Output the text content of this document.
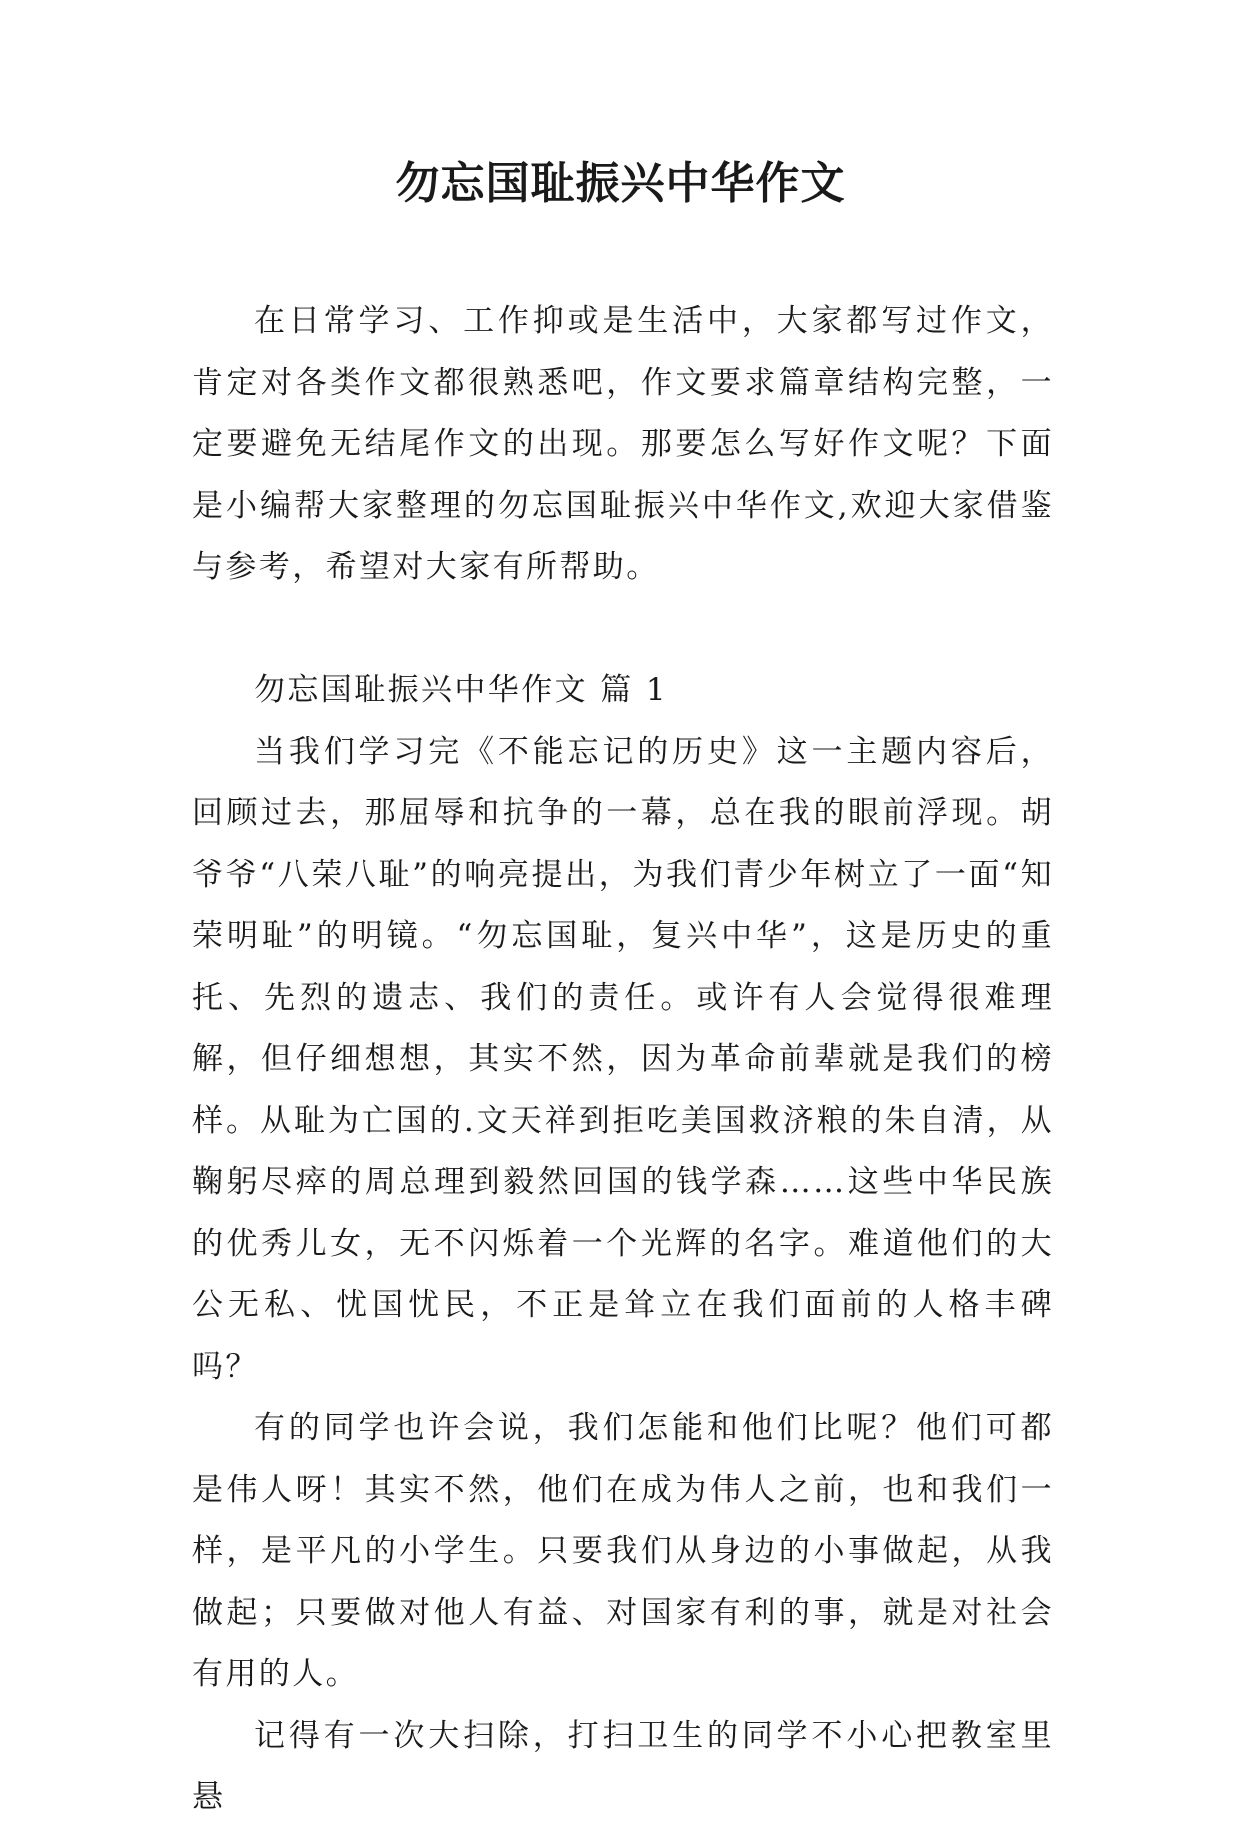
勿忘国耻振兴中华作文

在日常学习、工作抑或是生活中，大家都写过作文，肯定对各类作文都很熟悉吧，作文要求篇章结构完整，一定要避免无结尾作文的出现。那要怎么写好作文呢？下面是小编帮大家整理的勿忘国耻振兴中华作文,欢迎大家借鉴与参考，希望对大家有所帮助。

勿忘国耻振兴中华作文 篇 1

当我们学习完《不能忘记的历史》这一主题内容后，回顾过去，那屈辱和抗争的一幕，总在我的眼前浮现。胡爷爷“八荣八耻”的响亮提出，为我们青少年树立了一面“知荣明耻”的明镜。“勿忘国耻，复兴中华”，这是历史的重托、先烈的遗志、我们的责任。或许有人会觉得很难理解，但仔细想想，其实不然，因为革命前辈就是我们的榜样。从耻为亡国的.文天祥到拒吃美国救济粮的朱自清，从鞠躬尽瘁的周总理到毅然回国的钱学森……这些中华民族的优秀儿女，无不闪烁着一个光辉的名字。难道他们的大公无私、忧国忧民，不正是耸立在我们面前的人格丰碑吗？

有的同学也许会说，我们怎能和他们比呢？他们可都是伟人呀！其实不然，他们在成为伟人之前，也和我们一样，是平凡的小学生。只要我们从身边的小事做起，从我做起；只要做对他人有益、对国家有利的事，就是对社会有用的人。

记得有一次大扫除，打扫卫生的同学不小心把教室里悬
